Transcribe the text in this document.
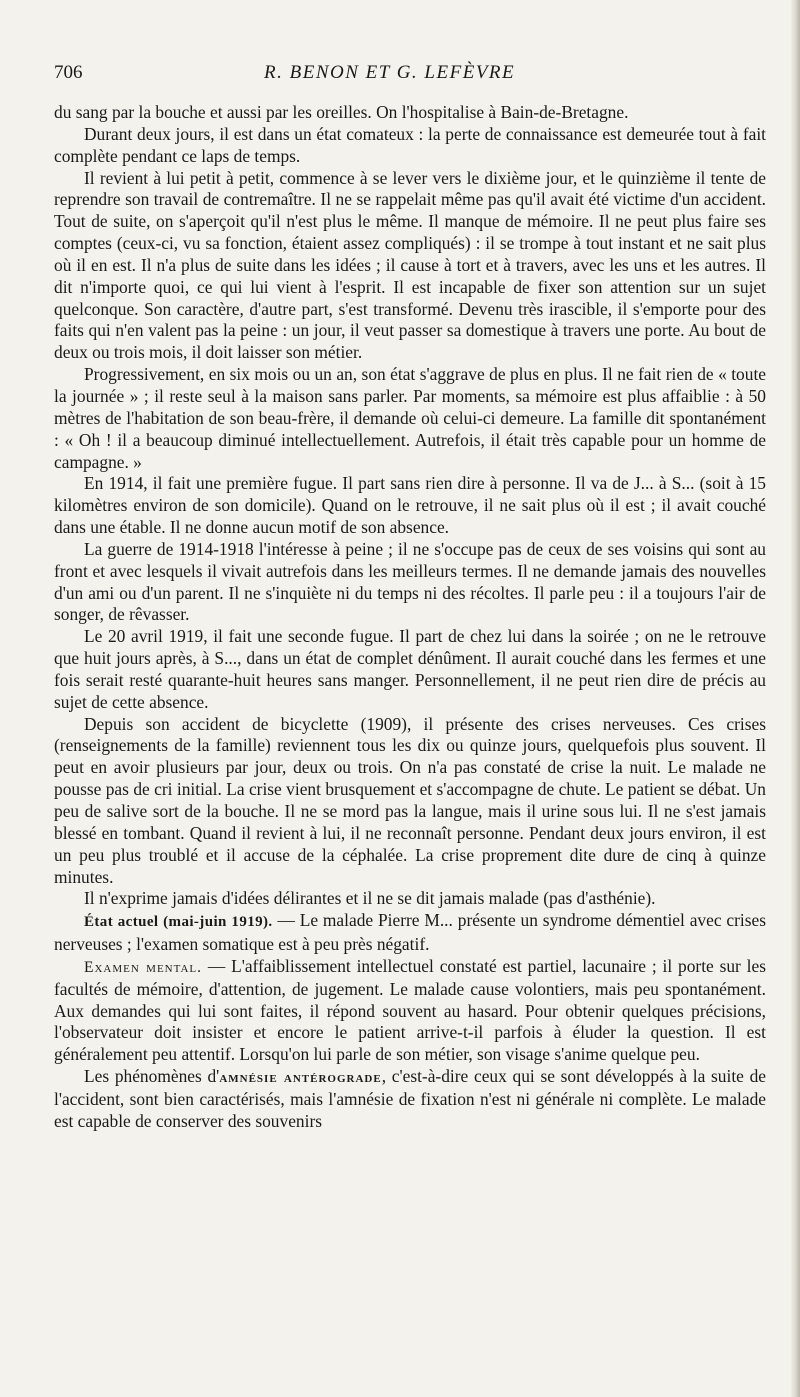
706	R. BENON ET G. LEFÈVRE

du sang par la bouche et aussi par les oreilles. On l'hospitalise à Bain-de-Bretagne.

Durant deux jours, il est dans un état comateux : la perte de connaissance est demeurée tout à fait complète pendant ce laps de temps.

Il revient à lui petit à petit, commence à se lever vers le dixième jour, et le quinzième il tente de reprendre son travail de contremaître. Il ne se rappelait même pas qu'il avait été victime d'un accident. Tout de suite, on s'aperçoit qu'il n'est plus le même. Il manque de mémoire. Il ne peut plus faire ses comptes (ceux-ci, vu sa fonction, étaient assez compliqués) : il se trompe à tout instant et ne sait plus où il en est. Il n'a plus de suite dans les idées ; il cause à tort et à travers, avec les uns et les autres. Il dit n'importe quoi, ce qui lui vient à l'esprit. Il est incapable de fixer son attention sur un sujet quelconque. Son caractère, d'autre part, s'est transformé. Devenu très irascible, il s'emporte pour des faits qui n'en valent pas la peine : un jour, il veut passer sa domestique à travers une porte. Au bout de deux ou trois mois, il doit laisser son métier.

Progressivement, en six mois ou un an, son état s'aggrave de plus en plus. Il ne fait rien de « toute la journée » ; il reste seul à la maison sans parler. Par moments, sa mémoire est plus affaiblie : à 50 mètres de l'habitation de son beau-frère, il demande où celui-ci demeure. La famille dit spontanément : « Oh ! il a beaucoup diminué intellectuellement. Autrefois, il était très capable pour un homme de campagne. »

En 1914, il fait une première fugue. Il part sans rien dire à personne. Il va de J... à S... (soit à 15 kilomètres environ de son domicile). Quand on le retrouve, il ne sait plus où il est ; il avait couché dans une étable. Il ne donne aucun motif de son absence.

La guerre de 1914-1918 l'intéresse à peine ; il ne s'occupe pas de ceux de ses voisins qui sont au front et avec lesquels il vivait autrefois dans les meilleurs termes. Il ne demande jamais des nouvelles d'un ami ou d'un parent. Il ne s'inquiète ni du temps ni des récoltes. Il parle peu : il a toujours l'air de songer, de rêvasser.

Le 20 avril 1919, il fait une seconde fugue. Il part de chez lui dans la soirée ; on ne le retrouve que huit jours après, à S..., dans un état de complet dénûment. Il aurait couché dans les fermes et une fois serait resté quarante-huit heures sans manger. Personnellement, il ne peut rien dire de précis au sujet de cette absence.

Depuis son accident de bicyclette (1909), il présente des crises nerveuses. Ces crises (renseignements de la famille) reviennent tous les dix ou quinze jours, quelquefois plus souvent. Il peut en avoir plusieurs par jour, deux ou trois. On n'a pas constaté de crise la nuit. Le malade ne pousse pas de cri initial. La crise vient brusquement et s'accompagne de chute. Le patient se débat. Un peu de salive sort de la bouche. Il ne se mord pas la langue, mais il urine sous lui. Il ne s'est jamais blessé en tombant. Quand il revient à lui, il ne reconnaît personne. Pendant deux jours environ, il est un peu plus troublé et il accuse de la céphalée. La crise proprement dite dure de cinq à quinze minutes.

Il n'exprime jamais d'idées délirantes et il ne se dit jamais malade (pas d'asthénie).

État actuel (mai-juin 1919). — Le malade Pierre M... présente un syndrome démentiel avec crises nerveuses ; l'examen somatique est à peu près négatif.

Examen mental. — L'affaiblissement intellectuel constaté est partiel, lacunaire ; il porte sur les facultés de mémoire, d'attention, de jugement. Le malade cause volontiers, mais peu spontanément. Aux demandes qui lui sont faites, il répond souvent au hasard. Pour obtenir quelques précisions, l'observateur doit insister et encore le patient arrive-t-il parfois à éluder la question. Il est généralement peu attentif. Lorsqu'on lui parle de son métier, son visage s'anime quelque peu.

Les phénomènes d'amnésie antérograde, c'est-à-dire ceux qui se sont développés à la suite de l'accident, sont bien caractérisés, mais l'amnésie de fixation n'est ni générale ni complète. Le malade est capable de conserver des souvenirs
